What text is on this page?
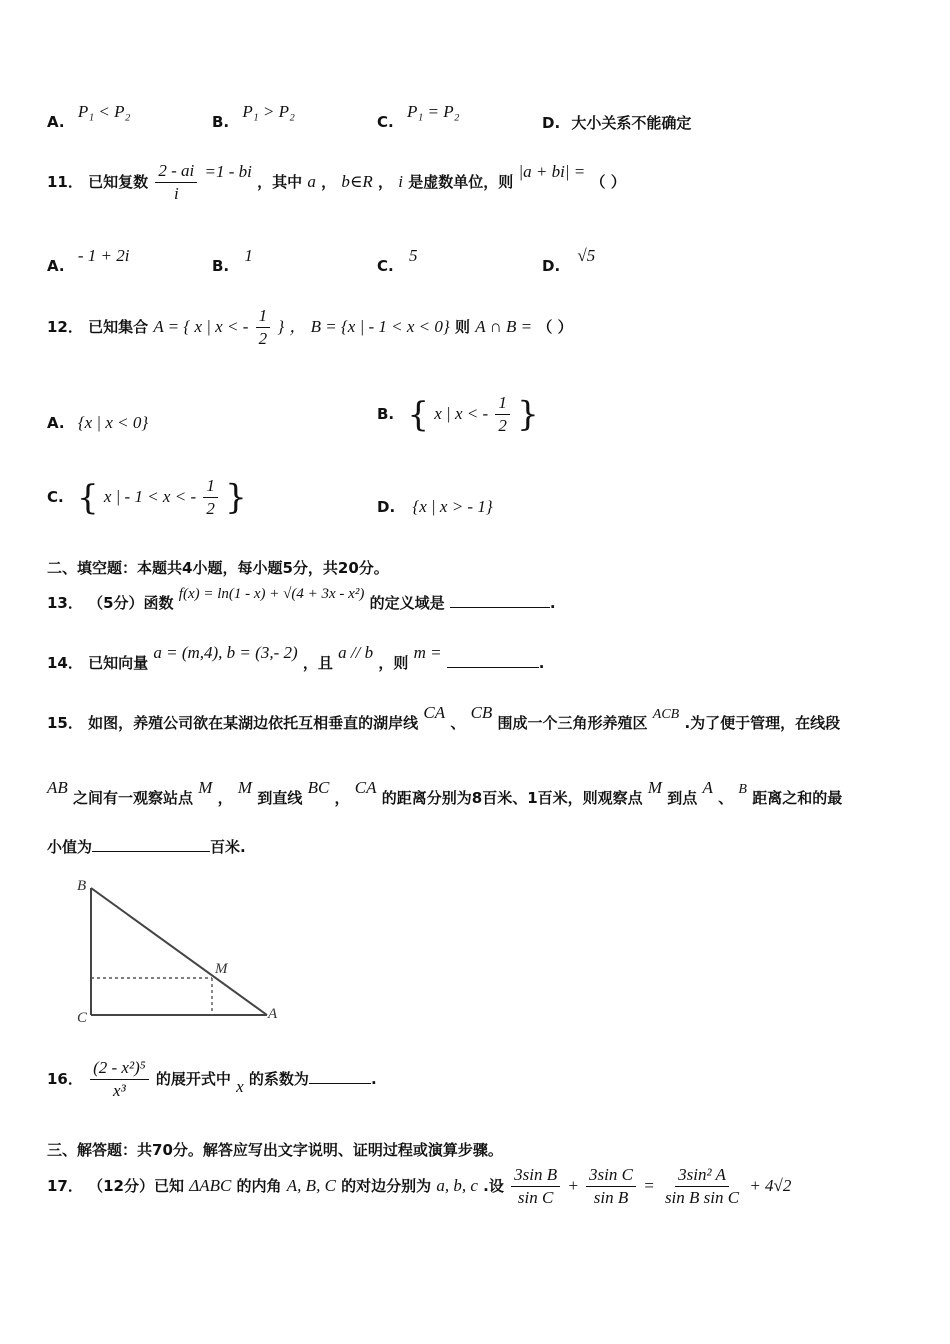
A. P₁ < P₂
B. P₁ > P₂
C. P₁ = P₂
D. 大小关系不能确定
11． 已知复数 $\frac{2 - ai}{i} =1$ - bi ，其中 a ， b∈R ， i 是虚数单位，则 |a + bi| = （ ）
A. - 1 + 2i
B. 1
C. 5
D. √5
12． 已知集合 A = { x | x < - $\frac{1}{2}$ } ， B = {x | - 1 < x < 0} 则 A ∩ B = （ ）
A. {x | x < 0}	B. { x | x < - $\frac{1}{2}$ }
C. { x | - 1 < x < - $\frac{1}{2}$ }	D. {x | x > - 1}
二、填空题：本题共4小题，每小题5分，共20分。
13． （5分）函数 f(x) = ln(1 - x) + √(4 + 3x - x²) 的定义域是	.
14． 已知向量 a = (m,4), b = (3,- 2) ，且 a // b ，则 m = .
15． 如图，养殖公司欲在某湖边依托互相垂直的湖岸线 CA 、 CB 围成一个三角形养殖区 ACB .为了便于管理，在线段
AB 之间有一观察站点 M ， M 到直线 BC ， CA 的距离分别为8百米、1百米，则观察点 M 到点 A 、 B 距离之和的最
小值为	百米.
B
M
C	A
16． $\frac{\text{(2 - x²)⁵}}{\text{x³}}$ 的展开式中 x 的系数为	.
三、解答题：共70分。解答应写出文字说明、证明过程或演算步骤。
17． （12分）已知 ΔABC 的内角 A, B, C 的对边分别为 a, b, c .设 $\frac{\text{3sin B}}{\text{sin C}} + \frac{\text{3sin C}}{\text{sin B}} = \frac{\text{3sin² A}}{\text{sin B sin C}} + 4√2$
